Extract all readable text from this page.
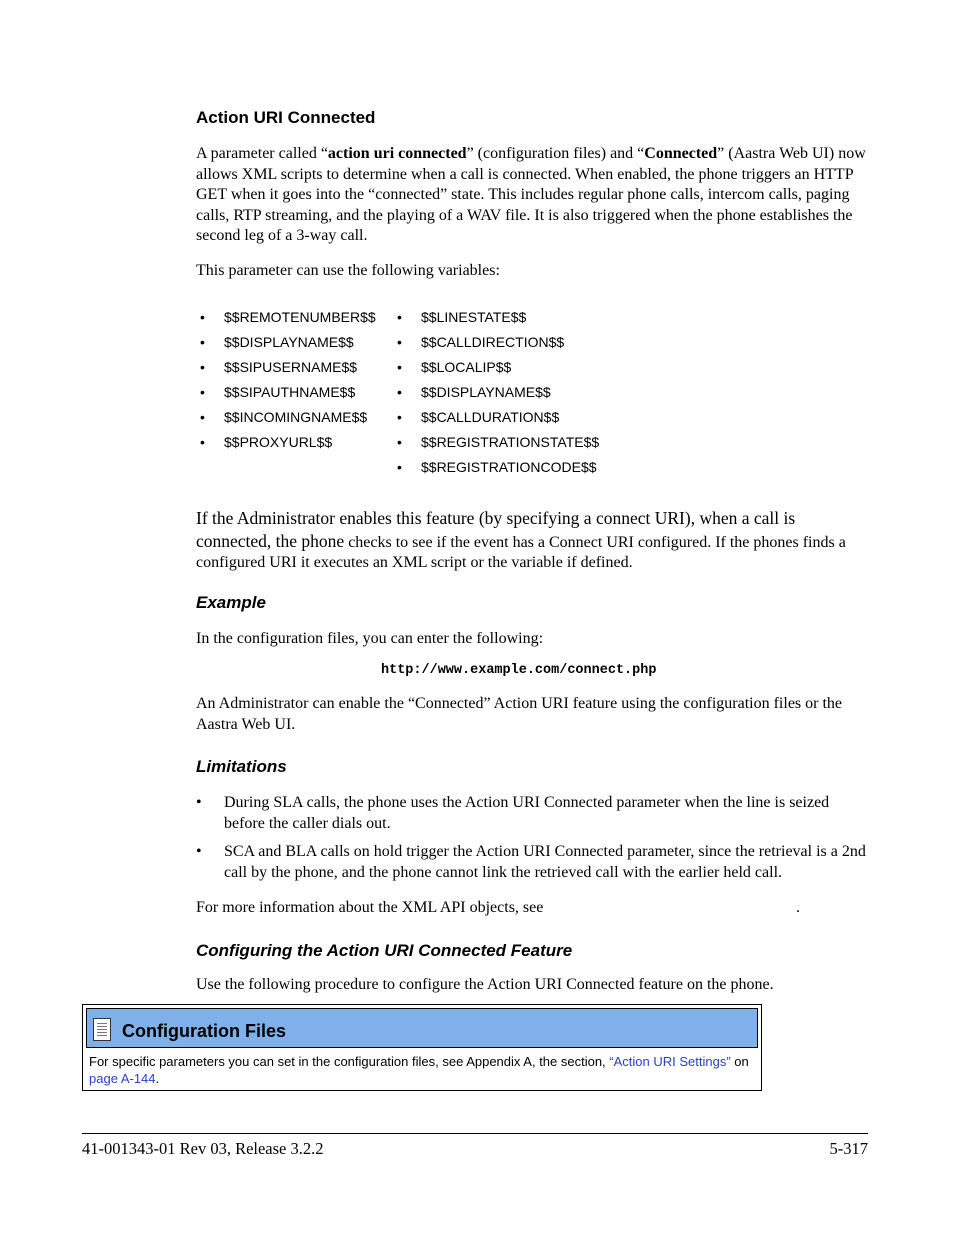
Action URI Connected
A parameter called “action uri connected” (configuration files) and “Connected” (Aastra Web UI) now allows XML scripts to determine when a call is connected. When enabled, the phone triggers an HTTP GET when it goes into the “connected” state. This includes regular phone calls, intercom calls, paging calls, RTP streaming, and the playing of a WAV file. It is also triggered when the phone establishes the second leg of a 3-way call.
This parameter can use the following variables:
• $$REMOTENUMBER$$
• $$DISPLAYNAME$$
• $$SIPUSERNAME$$
• $$SIPAUTHNAME$$
• $$INCOMINGNAME$$
• $$PROXYURL$$
• $$LINESTATE$$
• $$CALLDIRECTION$$
• $$LOCALIP$$
• $$DISPLAYNAME$$
• $$CALLDURATION$$
• $$REGISTRATIONSTATE$$
• $$REGISTRATIONCODE$$
If the Administrator enables this feature (by specifying a connect URI), when a call is connected, the phone checks to see if the event has a Connect URI configured. If the phones finds a configured URI it executes an XML script or the variable if defined.
Example
In the configuration files, you can enter the following:
http://www.example.com/connect.php
An Administrator can enable the “Connected” Action URI feature using the configuration files or the Aastra Web UI.
Limitations
• During SLA calls, the phone uses the Action URI Connected parameter when the line is seized before the caller dials out.
• SCA and BLA calls on hold trigger the Action URI Connected parameter, since the retrieval is a 2nd call by the phone, and the phone cannot link the retrieved call with the earlier held call.
For more information about the XML API objects, see	.
Configuring the Action URI Connected Feature
Use the following procedure to configure the Action URI Connected feature on the phone.
Configuration Files
For specific parameters you can set in the configuration files, see Appendix A, the section, “Action URI Settings” on page A-144.
41-001343-01 Rev 03, Release 3.2.2	5-317
